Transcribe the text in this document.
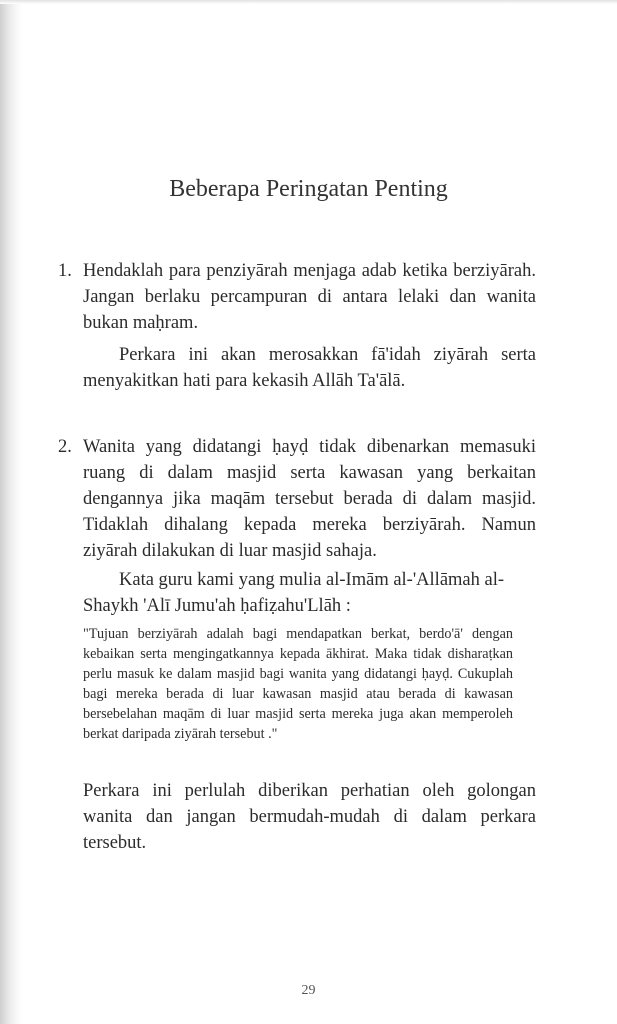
Beberapa Peringatan Penting
1. Hendaklah para penziyārah menjaga adab ketika berziyārah. Jangan berlaku percampuran di antara lelaki dan wanita bukan maḥram.
Perkara ini akan merosakkan fā'idah ziyārah serta menyakitkan hati para kekasih Allāh Ta'ālā.
2. Wanita yang didatangi ḥayḍ tidak dibenarkan memasuki ruang di dalam masjid serta kawasan yang berkaitan dengannya jika maqām tersebut berada di dalam masjid. Tidaklah dihalang kepada mereka berziyārah. Namun ziyārah dilakukan di luar masjid sahaja.
Kata guru kami yang mulia al-Imām al-'Allāmah al-Shaykh 'Alī Jumu'ah ḥafiẓahu'Llāh :
"Tujuan berziyārah adalah bagi mendapatkan berkat, berdo'ā' dengan kebaikan serta mengingatkannya kepada ākhirat. Maka tidak disharaṭkan perlu masuk ke dalam masjid bagi wanita yang didatangi ḥayḍ. Cukuplah bagi mereka berada di luar kawasan masjid atau berada di kawasan bersebelahan maqām di luar masjid serta mereka juga akan memperoleh berkat daripada ziyārah tersebut ."
Perkara ini perlulah diberikan perhatian oleh golongan wanita dan jangan bermudah-mudah di dalam perkara tersebut.
29
